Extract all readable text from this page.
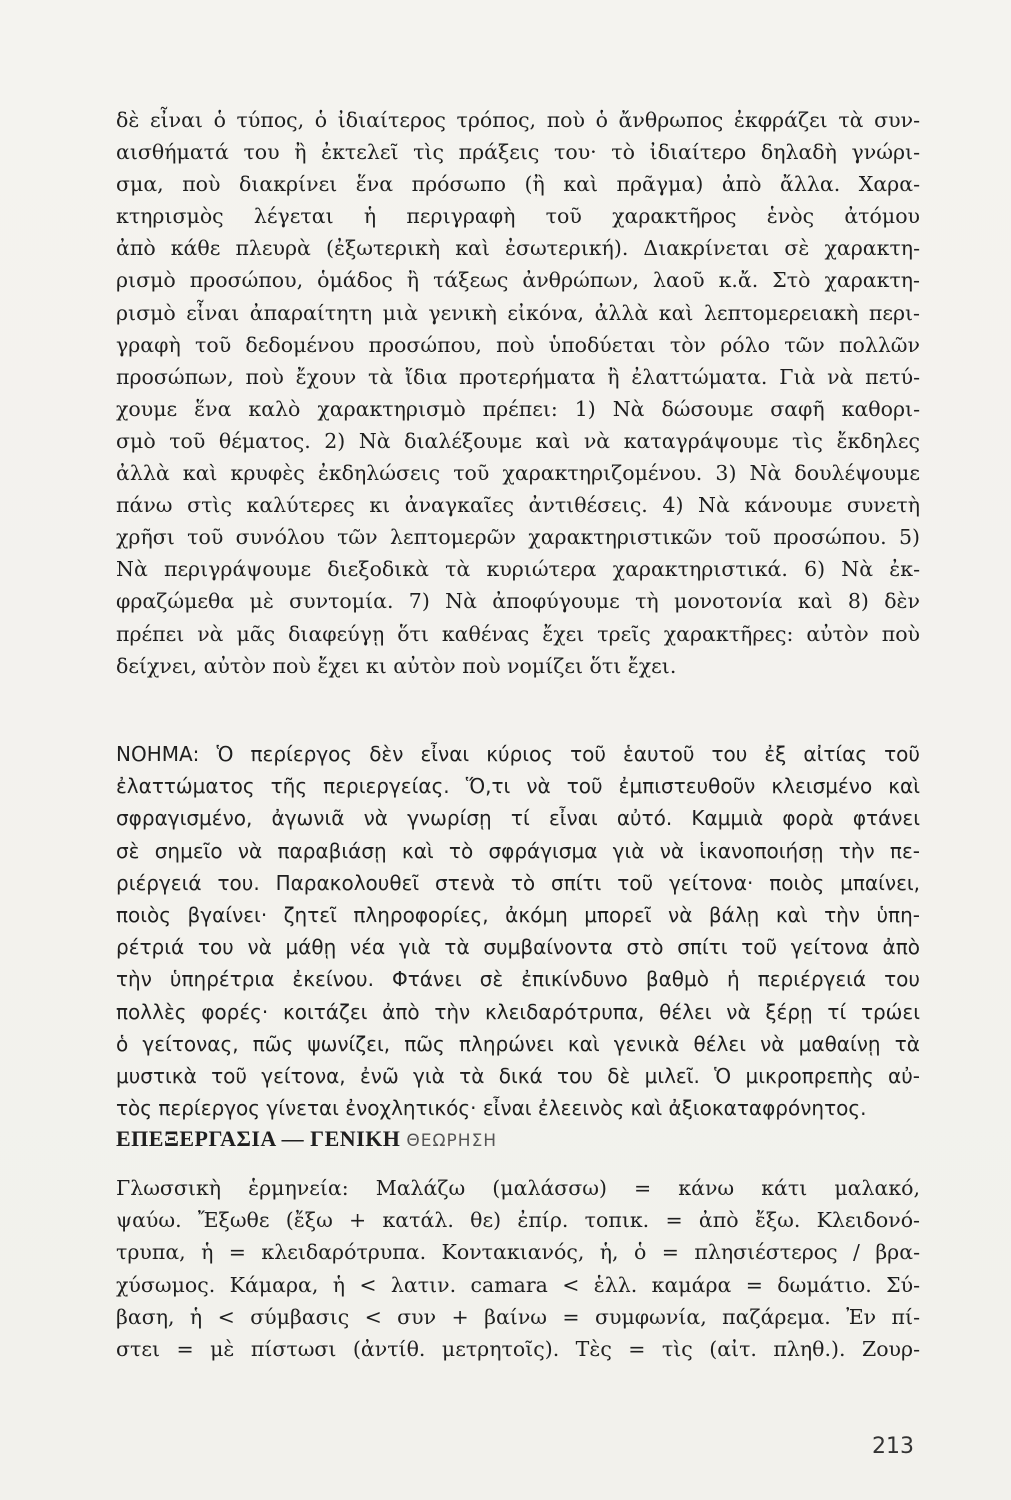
δὲ εἶναι ὁ τύπος, ὁ ἰδιαίτερος τρόπος, ποὺ ὁ ἄνθρωπος ἐκφράζει τὰ συν-
αισθήματά του ἢ ἐκτελεῖ τὶς πράξεις του· τὸ ἰδιαίτερο δηλαδὴ γνώρι-
σμα, ποὺ διακρίνει ἕνα πρόσωπο (ἢ καὶ πρᾶγμα) ἀπὸ ἄλλα. Χαρα-
κτηρισμὸς λέγεται ἡ περιγραφὴ τοῦ χαρακτῆρος ἑνὸς ἀτόμου
ἀπὸ κάθε πλευρὰ (ἐξωτερικὴ καὶ ἐσωτερική). Διακρίνεται σὲ χαρακτη-
ρισμὸ προσώπου, ὁμάδος ἢ τάξεως ἀνθρώπων, λαοῦ κ.ἄ. Στὸ χαρακτη-
ρισμὸ εἶναι ἀπαραίτητη μιὰ γενικὴ εἰκόνα, ἀλλὰ καὶ λεπτομερειακὴ περι-
γραφὴ τοῦ δεδομένου προσώπου, ποὺ ὑποδύεται τὸν ρόλο τῶν πολλῶν
προσώπων, ποὺ ἔχουν τὰ ἴδια προτερήματα ἢ ἐλαττώματα. Γιὰ νὰ πετύ-
χουμε ἕνα καλὸ χαρακτηρισμὸ πρέπει: 1) Νὰ δώσουμε σαφῆ καθορι-
σμὸ τοῦ θέματος. 2) Νὰ διαλέξουμε καὶ νὰ καταγράψουμε τὶς ἔκδηλες
ἀλλὰ καὶ κρυφὲς ἐκδηλώσεις τοῦ χαρακτηριζομένου. 3) Νὰ δουλέψουμε
πάνω στὶς καλύτερες κι ἀναγκαῖες ἀντιθέσεις. 4) Νὰ κάνουμε συνετὴ
χρῆσι τοῦ συνόλου τῶν λεπτομερῶν χαρακτηριστικῶν τοῦ προσώπου. 5)
Νὰ περιγράψουμε διεξοδικὰ τὰ κυριώτερα χαρακτηριστικά. 6) Νὰ ἐκ-
φραζώμεθα μὲ συντομία. 7) Νὰ ἀποφύγουμε τὴ μονοτονία καὶ 8) δὲν
πρέπει νὰ μᾶς διαφεύγῃ ὅτι καθένας ἔχει τρεῖς χαρακτῆρες: αὐτὸν ποὺ
δείχνει, αὐτὸν ποὺ ἔχει κι αὐτὸν ποὺ νομίζει ὅτι ἔχει.
ΝΟΗΜΑ: Ὁ περίεργος δὲν εἶναι κύριος τοῦ ἑαυτοῦ του ἐξ αἰτίας τοῦ
ἐλαττώματος τῆς περιεργείας. Ὅ,τι νὰ τοῦ ἐμπιστευθοῦν κλεισμένο καὶ
σφραγισμένο, ἀγωνιᾶ νὰ γνωρίσῃ τί εἶναι αὐτό. Καμμιὰ φορὰ φτάνει
σὲ σημεῖο νὰ παραβιάσῃ καὶ τὸ σφράγισμα γιὰ νὰ ἱκανοποιήσῃ τὴν πε-
ριέργειά του. Παρακολουθεῖ στενὰ τὸ σπίτι τοῦ γείτονα· ποιὸς μπαίνει,
ποιὸς βγαίνει· ζητεῖ πληροφορίες, ἀκόμη μπορεῖ νὰ βάλῃ καὶ τὴν ὑπη-
ρέτριά του νὰ μάθῃ νέα γιὰ τὰ συμβαίνοντα στὸ σπίτι τοῦ γείτονα ἀπὸ
τὴν ὑπηρέτρια ἐκείνου. Φτάνει σὲ ἐπικίνδυνο βαθμὸ ἡ περιέργειά του
πολλὲς φορές· κοιτάζει ἀπὸ τὴν κλειδαρότρυπα, θέλει νὰ ξέρῃ τί τρώει
ὁ γείτονας, πῶς ψωνίζει, πῶς πληρώνει καὶ γενικὰ θέλει νὰ μαθαίνῃ τὰ
μυστικὰ τοῦ γείτονα, ἐνῶ γιὰ τὰ δικά του δὲ μιλεῖ. Ὁ μικροπρεπὴς αὐ-
τὸς περίεργος γίνεται ἐνοχλητικός· εἶναι ἐλεεινὸς καὶ ἀξιοκαταφρόνητος.
ΕΠΕΞΕΡΓΑΣΙΑ — ΓΕΝΙΚΗ ΘΕΩΡΗΣΗ
Γλωσσικὴ ἑρμηνεία: Μαλάζω (μαλάσσω) = κάνω κάτι μαλακό,
ψαύω. Ἔξωθε (ἔξω + κατάλ. θε) ἐπίρ. τοπικ. = ἀπὸ ἔξω. Κλειδονό-
τρυπα, ἡ = κλειδαρότρυπα. Κοντακιανός, ἡ, ὁ = πλησιέστερος / βρα-
χύσωμος. Κάμαρα, ἡ < λατιν. camara < ἑλλ. καμάρα = δωμάτιο. Σύ-
βαση, ἡ < σύμβασις < συν + βαίνω = συμφωνία, παζάρεμα. Ἐν πί-
στει = μὲ πίστωσι (ἀντίθ. μετρητοῖς). Τὲς = τὶς (αἰτ. πληθ.). Ζουρ-
213
